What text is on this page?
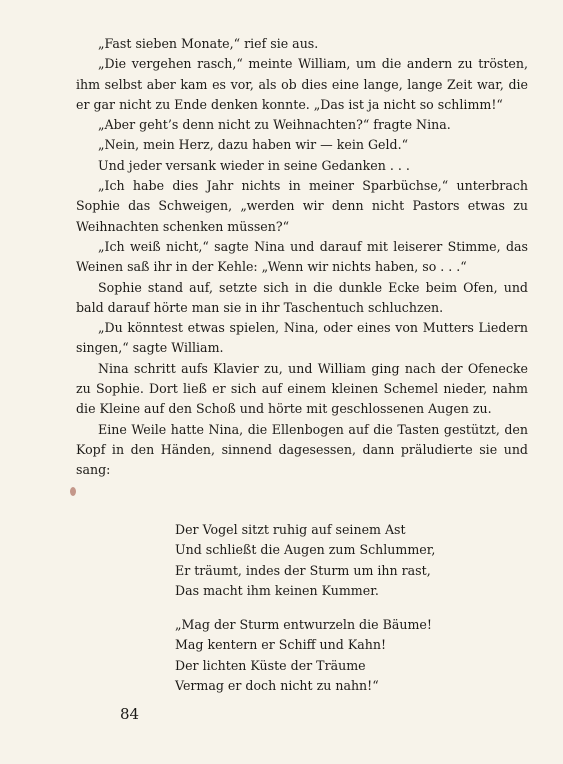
„Fast sieben Monate,“ rief sie aus.

„Die vergehen rasch,“ meinte William, um die andern zu trösten, ihm selbst aber kam es vor, als ob dies eine lange, lange Zeit war, die er gar nicht zu Ende denken konnte. „Das ist ja nicht so schlimm!“

„Aber geht’s denn nicht zu Weihnachten?“ fragte Nina.

„Nein, mein Herz, dazu haben wir — kein Geld.“

Und jeder versank wieder in seine Gedanken . . .

„Ich habe dies Jahr nichts in meiner Sparbüchse,“ unterbrach Sophie das Schweigen, „werden wir denn nicht Pastors etwas zu Weihnachten schenken müssen?“

„Ich weiß nicht,“ sagte Nina und darauf mit leiserer Stimme, das Weinen saß ihr in der Kehle: „Wenn wir nichts haben, so . . .“

Sophie stand auf, setzte sich in die dunkle Ecke beim Ofen, und bald darauf hörte man sie in ihr Taschentuch schluchzen.

„Du könntest etwas spielen, Nina, oder eines von Mutters Liedern singen,“ sagte William.

Nina schritt aufs Klavier zu, und William ging nach der Ofenecke zu Sophie. Dort ließ er sich auf einem kleinen Schemel nieder, nahm die Kleine auf den Schoß und hörte mit geschlossenen Augen zu.

Eine Weile hatte Nina, die Ellenbogen auf die Tasten gestützt, den Kopf in den Händen, sinnend dagesessen, dann präludierte sie und sang:

Der Vogel sitzt ruhig auf seinem Ast
Und schließt die Augen zum Schlummer,
Er träumt, indes der Sturm um ihn rast,
Das macht ihm keinen Kummer.
„Mag der Sturm entwurzeln die Bäume!
Mag kentern er Schiff und Kahn!
Der lichten Küste der Träume
Vermag er doch nicht zu nahn!“
84
